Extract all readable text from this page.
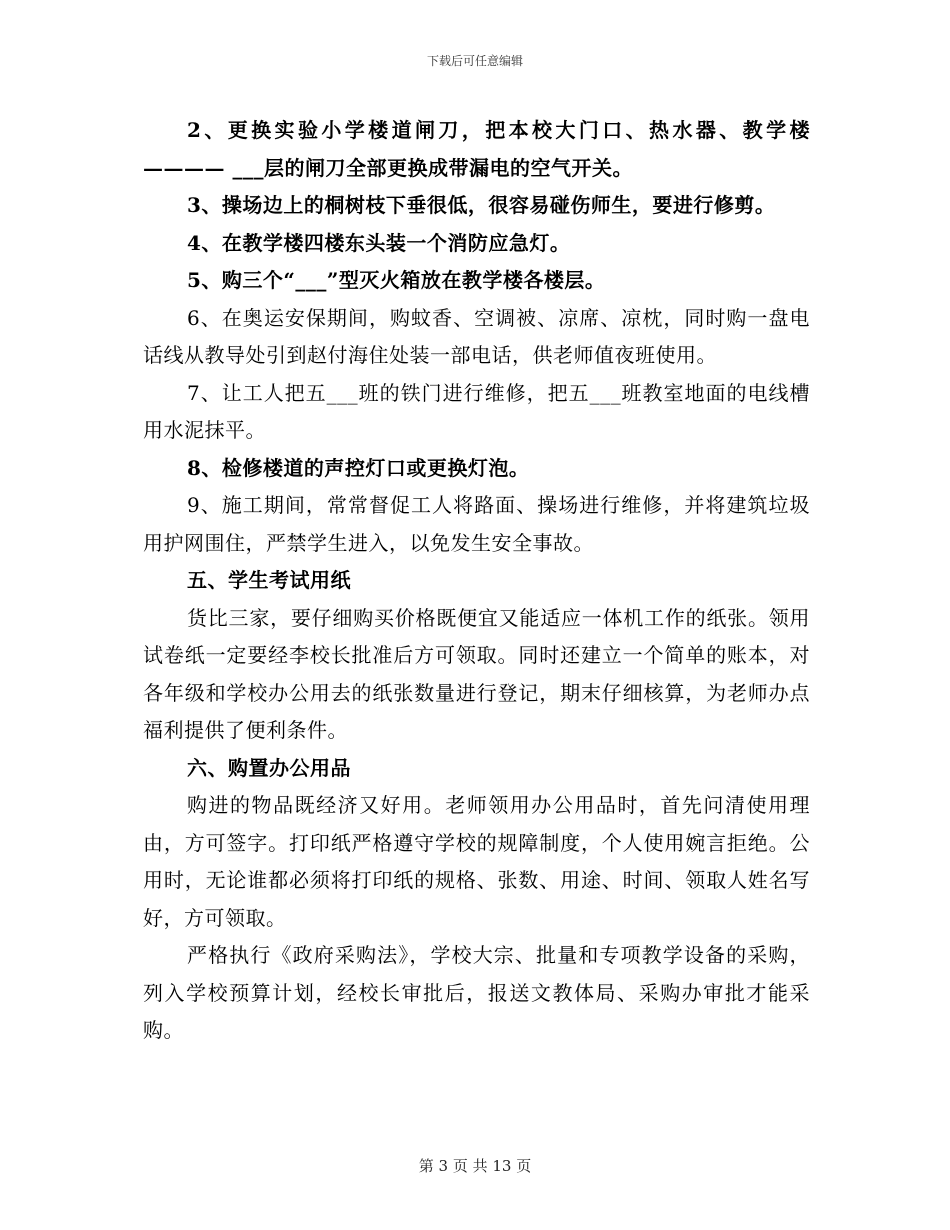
下载后可任意编辑

2、更换实验小学楼道闸刀，把本校大门口、热水器、教学楼———— ___层的闸刀全部更换成带漏电的空气开关。

3、操场边上的桐树枝下垂很低，很容易碰伤师生，要进行修剪。

4、在教学楼四楼东头装一个消防应急灯。

5、购三个“___”型灭火箱放在教学楼各楼层。

6、在奥运安保期间，购蚊香、空调被、凉席、凉枕，同时购一盘电话线从教导处引到赵付海住处装一部电话，供老师值夜班使用。

7、让工人把五___班的铁门进行维修，把五___班教室地面的电线槽用水泥抹平。

8、检修楼道的声控灯口或更换灯泡。

9、施工期间，常常督促工人将路面、操场进行维修，并将建筑垃圾用护网围住，严禁学生进入，以免发生安全事故。

五、学生考试用纸

货比三家，要仔细购买价格既便宜又能适应一体机工作的纸张。领用试卷纸一定要经李校长批准后方可领取。同时还建立一个简单的账本，对各年级和学校办公用去的纸张数量进行登记，期末仔细核算，为老师办点福利提供了便利条件。

六、购置办公用品

购进的物品既经济又好用。老师领用办公用品时，首先问清使用理由，方可签字。打印纸严格遵守学校的规障制度，个人使用婉言拒绝。公用时，无论谁都必须将打印纸的规格、张数、用途、时间、领取人姓名写好，方可领取。

严格执行《政府采购法》，学校大宗、批量和专项教学设备的采购，列入学校预算计划，经校长审批后，报送文教体局、采购办审批才能采购。

第 3 页 共 13 页
